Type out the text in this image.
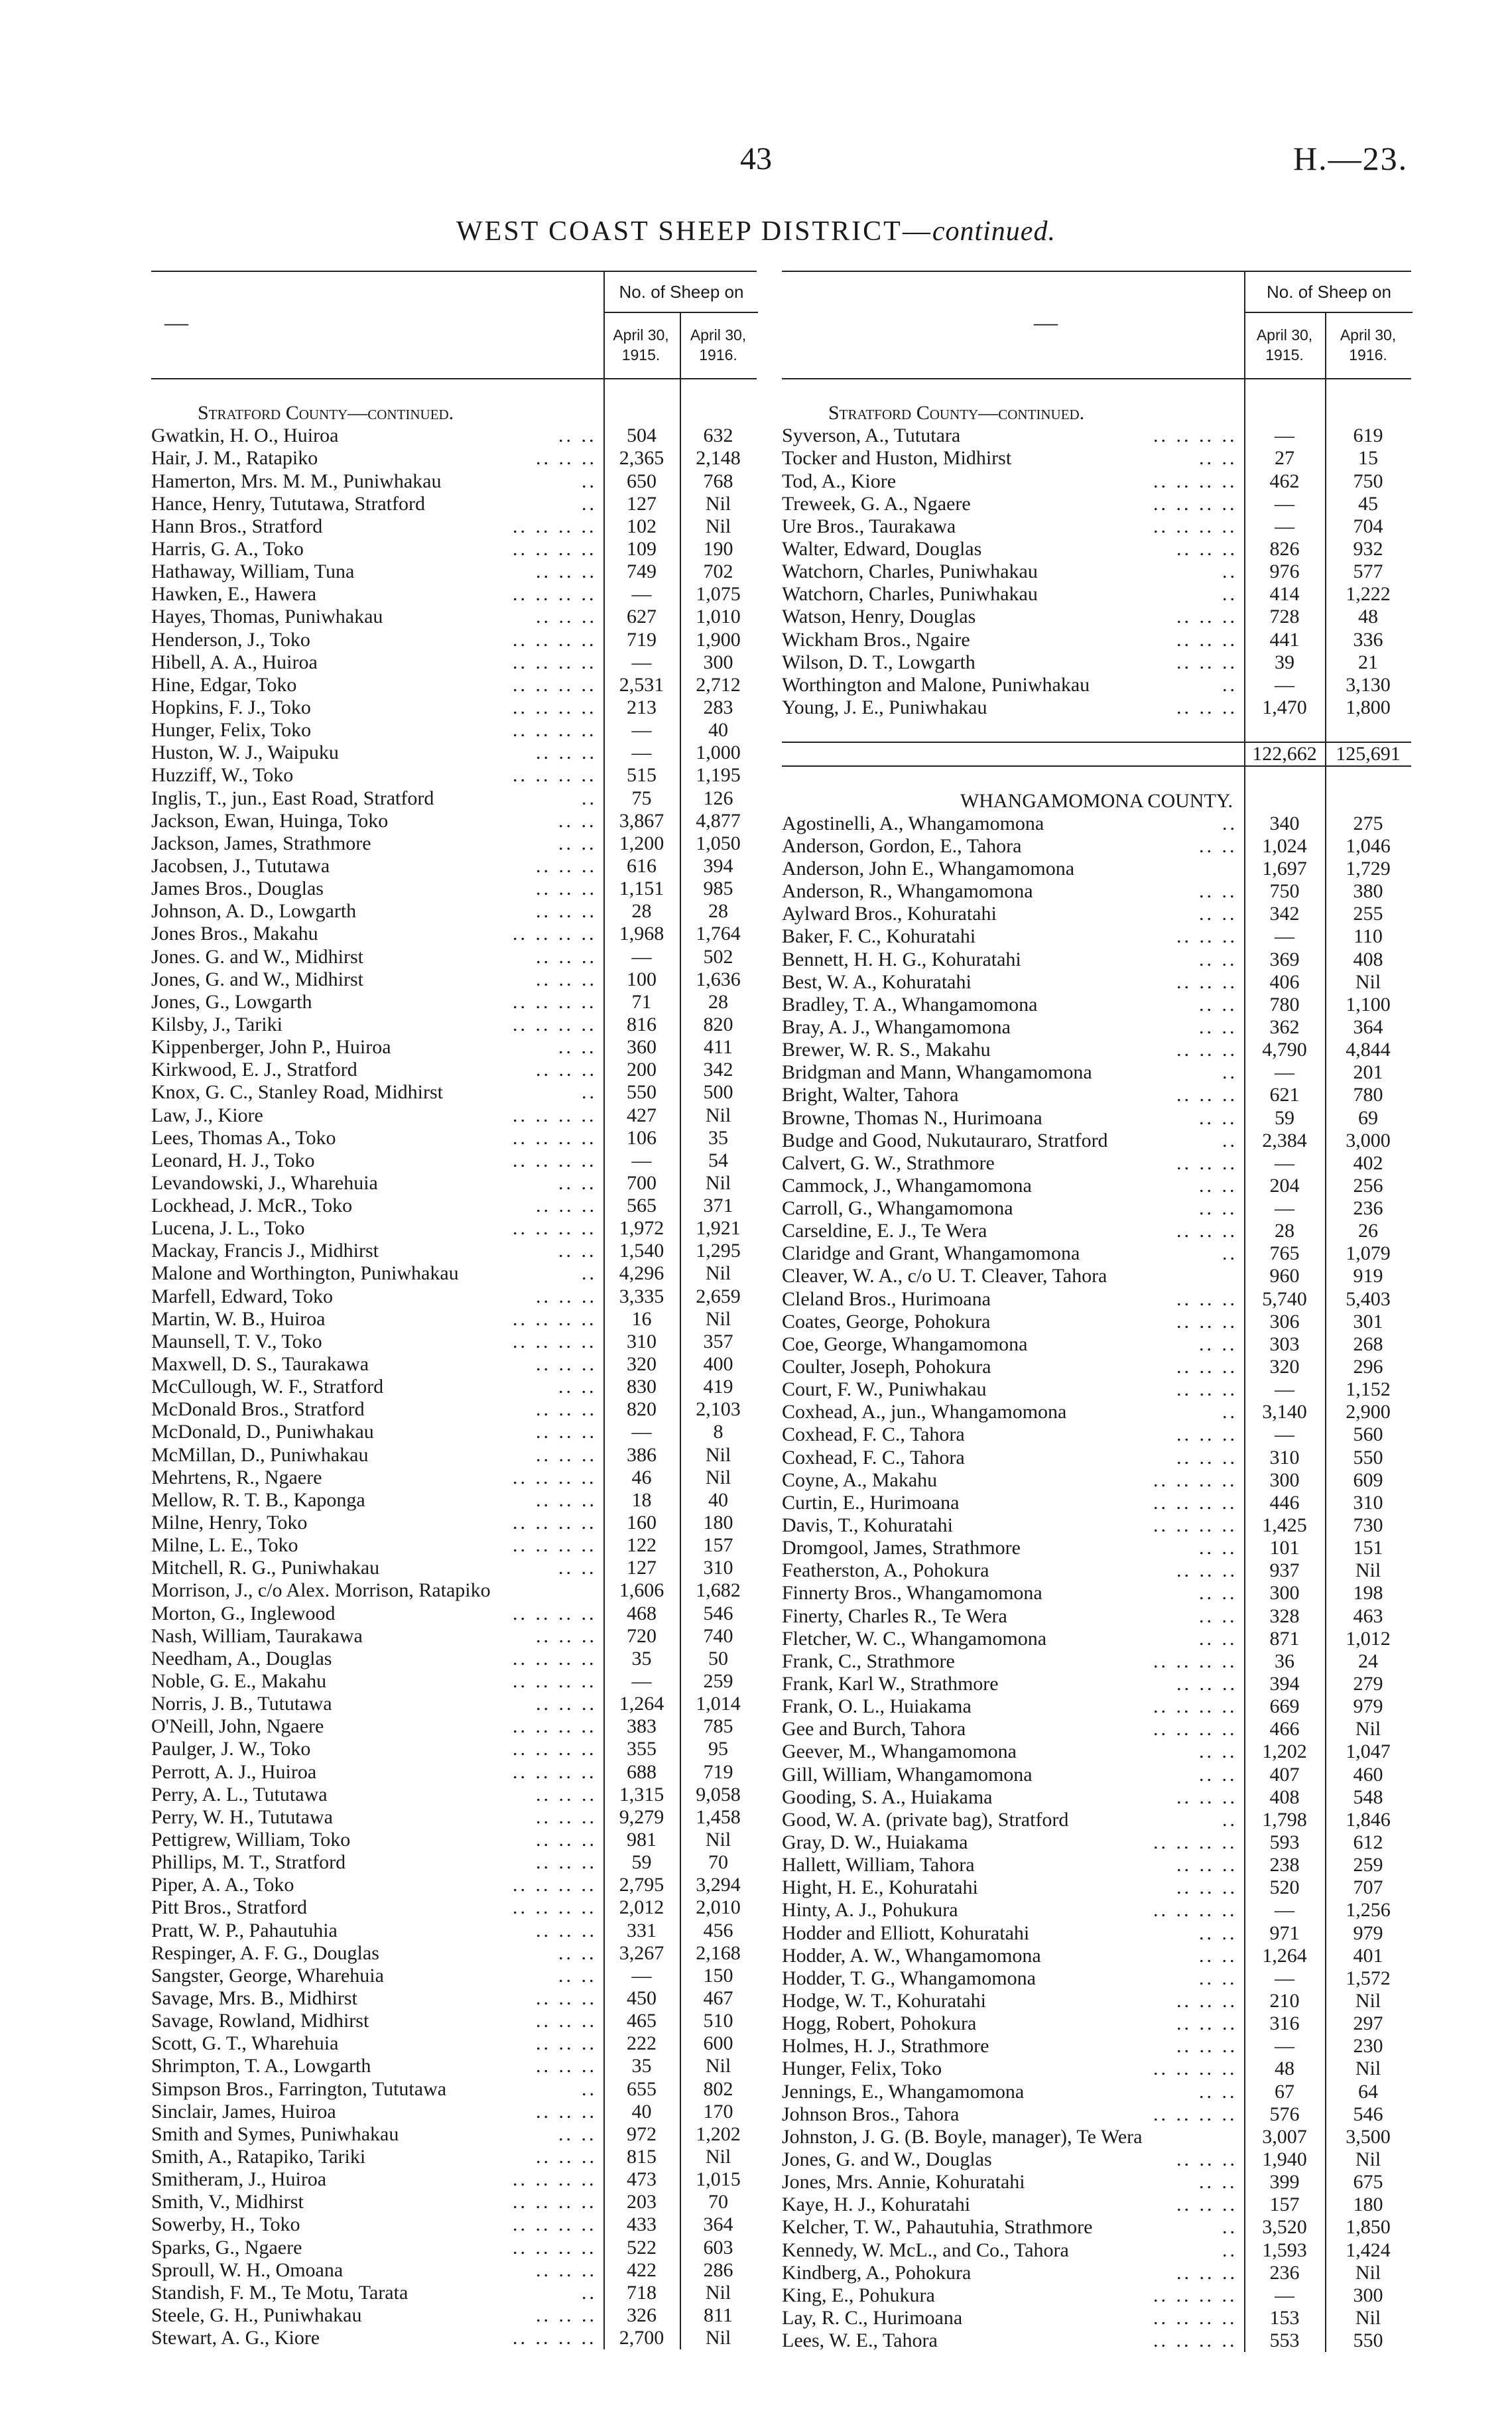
43	H.—23.
WEST COAST SHEEP DISTRICT—continued.
—
No. of Sheep on
April 30, 1915.
April 30, 1916.
Stratford County—continued.
Gwatkin, H. O., Huiroa	.. ..	504	632
Hair, J. M., Ratapiko	.. .. ..	2,365	2,148
Hamerton, Mrs. M. M., Puniwhakau	..	650	768
Hance, Henry, Tututawa, Stratford	..	127	Nil
Hann Bros., Stratford	.. .. .. ..	102	Nil
Harris, G. A., Toko	.. .. .. ..	109	190
Hathaway, William, Tuna	.. .. ..	749	702
Hawken, E., Hawera	.. .. .. ..	—	1,075
Hayes, Thomas, Puniwhakau	.. .. ..	627	1,010
Henderson, J., Toko	.. .. .. ..	719	1,900
Hibell, A. A., Huiroa	.. .. .. ..	—	300
Hine, Edgar, Toko	.. .. .. ..	2,531	2,712
Hopkins, F. J., Toko	.. .. .. ..	213	283
Hunger, Felix, Toko	.. .. .. ..	—	40
Huston, W. J., Waipuku	.. .. ..	—	1,000
Huzziff, W., Toko	.. .. .. ..	515	1,195
Inglis, T., jun., East Road, Stratford	..	75	126
Jackson, Ewan, Huinga, Toko	.. ..	3,867	4,877
Jackson, James, Strathmore	.. ..	1,200	1,050
Jacobsen, J., Tututawa	.. .. ..	616	394
James Bros., Douglas	.. .. ..	1,151	985
Johnson, A. D., Lowgarth	.. .. ..	28	28
Jones Bros., Makahu	.. .. .. ..	1,968	1,764
Jones. G. and W., Midhirst	.. .. ..	—	502
Jones, G. and W., Midhirst	.. .. ..	100	1,636
Jones, G., Lowgarth	.. .. .. ..	71	28
Kilsby, J., Tariki	.. .. .. ..	816	820
Kippenberger, John P., Huiroa	.. ..	360	411
Kirkwood, E. J., Stratford	.. .. ..	200	342
Knox, G. C., Stanley Road, Midhirst	..	550	500
Law, J., Kiore	.. .. .. ..	427	Nil
Lees, Thomas A., Toko	.. .. .. ..	106	35
Leonard, H. J., Toko	.. .. .. ..	—	54
Levandowski, J., Wharehuia	.. ..	700	Nil
Lockhead, J. McR., Toko	.. .. ..	565	371
Lucena, J. L., Toko	.. .. .. ..	1,972	1,921
Mackay, Francis J., Midhirst	.. ..	1,540	1,295
Malone and Worthington, Puniwhakau	..	4,296	Nil
Marfell, Edward, Toko	.. .. ..	3,335	2,659
Martin, W. B., Huiroa	.. .. .. ..	16	Nil
Maunsell, T. V., Toko	.. .. .. ..	310	357
Maxwell, D. S., Taurakawa	.. .. ..	320	400
McCullough, W. F., Stratford	.. ..	830	419
McDonald Bros., Stratford	.. .. ..	820	2,103
McDonald, D., Puniwhakau	.. .. ..	—	8
McMillan, D., Puniwhakau	.. .. ..	386	Nil
Mehrtens, R., Ngaere	.. .. .. ..	46	Nil
Mellow, R. T. B., Kaponga	.. .. ..	18	40
Milne, Henry, Toko	.. .. .. ..	160	180
Milne, L. E., Toko	.. .. .. ..	122	157
Mitchell, R. G., Puniwhakau	.. ..	127	310
Morrison, J., c/o Alex. Morrison, Ratapiko	1,606	1,682
Morton, G., Inglewood	.. .. .. ..	468	546
Nash, William, Taurakawa	.. .. ..	720	740
Needham, A., Douglas	.. .. .. ..	35	50
Noble, G. E., Makahu	.. .. .. ..	—	259
Norris, J. B., Tututawa	.. .. ..	1,264	1,014
O'Neill, John, Ngaere	.. .. .. ..	383	785
Paulger, J. W., Toko	.. .. .. ..	355	95
Perrott, A. J., Huiroa	.. .. .. ..	688	719
Perry, A. L., Tututawa	.. .. ..	1,315	9,058
Perry, W. H., Tututawa	.. .. ..	9,279	1,458
Pettigrew, William, Toko	.. .. ..	981	Nil
Phillips, M. T., Stratford	.. .. ..	59	70
Piper, A. A., Toko	.. .. .. ..	2,795	3,294
Pitt Bros., Stratford	.. .. .. ..	2,012	2,010
Pratt, W. P., Pahautuhia	.. .. ..	331	456
Respinger, A. F. G., Douglas	.. ..	3,267	2,168
Sangster, George, Wharehuia	.. ..	—	150
Savage, Mrs. B., Midhirst	.. .. ..	450	467
Savage, Rowland, Midhirst	.. .. ..	465	510
Scott, G. T., Wharehuia	.. .. ..	222	600
Shrimpton, T. A., Lowgarth	.. .. ..	35	Nil
Simpson Bros., Farrington, Tututawa	..	655	802
Sinclair, James, Huiroa	.. .. ..	40	170
Smith and Symes, Puniwhakau	.. ..	972	1,202
Smith, A., Ratapiko, Tariki	.. .. ..	815	Nil
Smitheram, J., Huiroa	.. .. .. ..	473	1,015
Smith, V., Midhirst	.. .. .. ..	203	70
Sowerby, H., Toko	.. .. .. ..	433	364
Sparks, G., Ngaere	.. .. .. ..	522	603
Sproull, W. H., Omoana	.. .. ..	422	286
Standish, F. M., Te Motu, Tarata	..	718	Nil
Steele, G. H., Puniwhakau	.. .. ..	326	811
Stewart, A. G., Kiore	.. .. .. ..	2,700	Nil
—
No. of Sheep on
April 30, 1915.
April 30, 1916.
Stratford County—continued.
Syverson, A., Tututara	.. .. .. ..	—	619
Tocker and Huston, Midhirst	.. ..	27	15
Tod, A., Kiore	.. .. .. ..	462	750
Treweek, G. A., Ngaere	.. .. .. ..	—	45
Ure Bros., Taurakawa	.. .. .. ..	—	704
Walter, Edward, Douglas	.. .. ..	826	932
Watchorn, Charles, Puniwhakau	..	976	577
Watchorn, Charles, Puniwhakau	..	414	1,222
Watson, Henry, Douglas	.. .. ..	728	48
Wickham Bros., Ngaire	.. .. ..	441	336
Wilson, D. T., Lowgarth	.. .. ..	39	21
Worthington and Malone, Puniwhakau	..	—	3,130
Young, J. E., Puniwhakau	.. .. ..	1,470	1,800
122,662 125,691
WHANGAMOMONA COUNTY.
Agostinelli, A., Whangamomona	..	340	275
Anderson, Gordon, E., Tahora	.. ..	1,024	1,046
Anderson, John E., Whangamomona	1,697	1,729
Anderson, R., Whangamomona	.. ..	750	380
Aylward Bros., Kohuratahi	.. ..	342	255
Baker, F. C., Kohuratahi	.. .. ..	—	110
Bennett, H. H. G., Kohuratahi	.. ..	369	408
Best, W. A., Kohuratahi	.. .. ..	406	Nil
Bradley, T. A., Whangamomona	.. ..	780	1,100
Bray, A. J., Whangamomona	.. ..	362	364
Brewer, W. R. S., Makahu	.. .. ..	4,790	4,844
Bridgman and Mann, Whangamomona	..	—	201
Bright, Walter, Tahora	.. .. ..	621	780
Browne, Thomas N., Hurimoana	.. ..	59	69
Budge and Good, Nukutauraro, Stratford	..	2,384	3,000
Calvert, G. W., Strathmore	.. .. ..	—	402
Cammock, J., Whangamomona	.. ..	204	256
Carroll, G., Whangamomona	.. ..	—	236
Carseldine, E. J., Te Wera	.. .. ..	28	26
Claridge and Grant, Whangamomona	..	765	1,079
Cleaver, W. A., c/o U. T. Cleaver, Tahora	960	919
Cleland Bros., Hurimoana	.. .. ..	5,740	5,403
Coates, George, Pohokura	.. .. ..	306	301
Coe, George, Whangamomona	.. ..	303	268
Coulter, Joseph, Pohokura	.. .. ..	320	296
Court, F. W., Puniwhakau	.. .. ..	—	1,152
Coxhead, A., jun., Whangamomona	..	3,140	2,900
Coxhead, F. C., Tahora	.. .. ..	—	560
Coxhead, F. C., Tahora	.. .. ..	310	550
Coyne, A., Makahu	.. .. .. ..	300	609
Curtin, E., Hurimoana	.. .. .. ..	446	310
Davis, T., Kohuratahi	.. .. .. ..	1,425	730
Dromgool, James, Strathmore	.. ..	101	151
Featherston, A., Pohokura	.. .. ..	937	Nil
Finnerty Bros., Whangamomona	.. ..	300	198
Finerty, Charles R., Te Wera	.. ..	328	463
Fletcher, W. C., Whangamomona	.. ..	871	1,012
Frank, C., Strathmore	.. .. .. ..	36	24
Frank, Karl W., Strathmore	.. .. ..	394	279
Frank, O. L., Huiakama	.. .. .. ..	669	979
Gee and Burch, Tahora	.. .. .. ..	466	Nil
Geever, M., Whangamomona	.. ..	1,202	1,047
Gill, William, Whangamomona	.. ..	407	460
Gooding, S. A., Huiakama	.. .. ..	408	548
Good, W. A. (private bag), Stratford	..	1,798	1,846
Gray, D. W., Huiakama	.. .. .. ..	593	612
Hallett, William, Tahora	.. .. ..	238	259
Hight, H. E., Kohuratahi	.. .. ..	520	707
Hinty, A. J., Pohukura	.. .. .. ..	—	1,256
Hodder and Elliott, Kohuratahi	.. ..	971	979
Hodder, A. W., Whangamomona	.. ..	1,264	401
Hodder, T. G., Whangamomona	.. ..	—	1,572
Hodge, W. T., Kohuratahi	.. .. ..	210	Nil
Hogg, Robert, Pohokura	.. .. ..	316	297
Holmes, H. J., Strathmore	.. .. ..	—	230
Hunger, Felix, Toko	.. .. .. ..	48	Nil
Jennings, E., Whangamomona	.. ..	67	64
Johnson Bros., Tahora	.. .. .. ..	576	546
Johnston, J. G. (B. Boyle, manager), Te Wera	3,007	3,500
Jones, G. and W., Douglas	.. .. ..	1,940	Nil
Jones, Mrs. Annie, Kohuratahi	.. ..	399	675
Kaye, H. J., Kohuratahi	.. .. ..	157	180
Kelcher, T. W., Pahautuhia, Strathmore	..	3,520	1,850
Kennedy, W. McL., and Co., Tahora	..	1,593	1,424
Kindberg, A., Pohokura	.. .. ..	236	Nil
King, E., Pohukura	.. .. .. ..	—	300
Lay, R. C., Hurimoana	.. .. .. ..	153	Nil
Lees, W. E., Tahora	.. .. .. ..	553	550
